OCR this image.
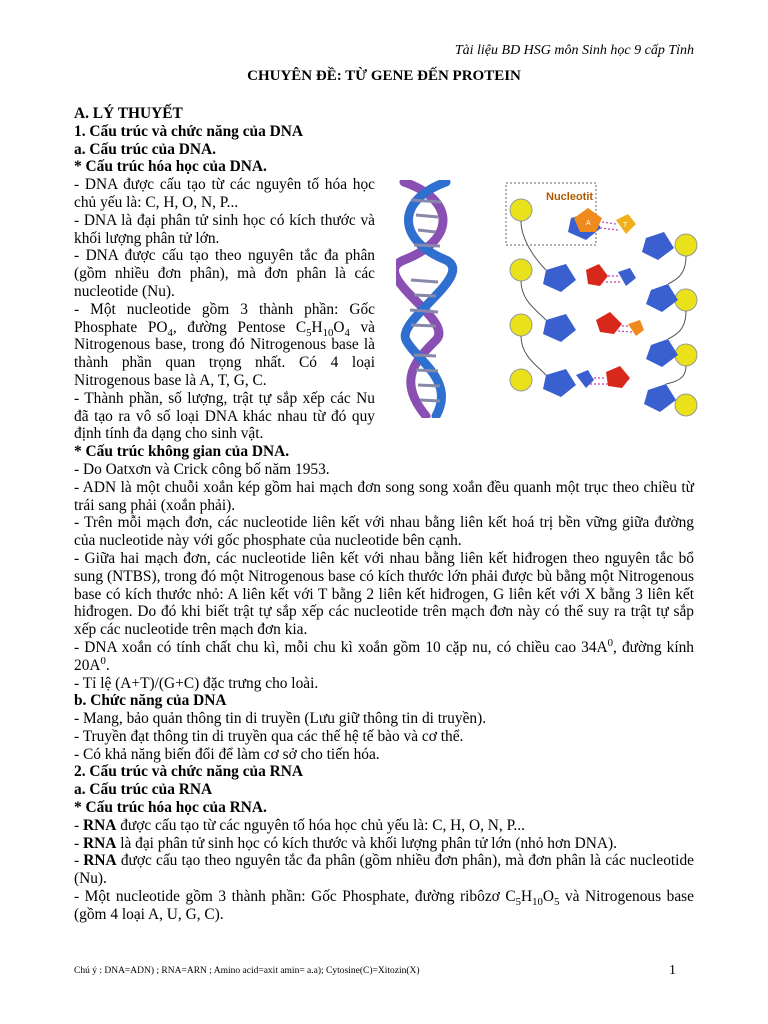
Tài liệu BD HSG môn Sinh học 9 cấp Tỉnh
CHUYÊN ĐỀ: TỪ GENE ĐẾN PROTEIN

A. LÝ THUYẾT

1. Cấu trúc và chức năng của DNA

a. Cấu trúc của DNA.

* Cấu trúc hóa học của DNA.

- DNA được cấu tạo từ các nguyên tố hóa học chủ yếu là: C, H, O, N, P...

- DNA là đại phân tử sinh học có kích thước và khối lượng phân tử lớn.

- DNA được cấu tạo theo nguyên tắc đa phân (gồm nhiều đơn phân), mà đơn phân là các nucleotide (Nu).

- Một nucleotide gồm 3 thành phần: Gốc Phosphate $PO_4$, đường Pentose $C_5H_{10}O_4$ và Nitrogenous base, trong đó Nitrogenous base là thành phần quan trọng nhất. Có 4 loại Nitrogenous base là A, T, G, C.

- Thành phần, số lượng, trật tự sắp xếp các Nu đã tạo ra vô số loại DNA khác nhau từ đó quy định tính đa dạng cho sinh vật.

* Cấu trúc không gian của DNA.

- Do Oatxơn và Crick công bố năm 1953.

- ADN là một chuỗi xoắn kép gồm hai mạch đơn song song xoắn đều quanh một trục theo chiều từ trái sang phải (xoắn phải).

- Trên mỗi mạch đơn, các nucleotide liên kết với nhau bằng liên kết hoá trị bền vững giữa đường của nucleotide này với gốc phosphate của nucleotide bên cạnh.

- Giữa hai mạch đơn, các nucleotide liên kết với nhau bằng liên kết hiđrogen theo nguyên tắc bổ sung (NTBS), trong đó một Nitrogenous base có kích thước lớn phải được bù bằng một Nitrogenous base có kích thước nhỏ: A liên kết với T bằng 2 liên kết hiđrogen, G liên kết với X bằng 3 liên kết hiđrogen. Do đó khi biết trật tự sắp xếp các nucleotide trên mạch đơn này có thể suy ra trật tự sắp xếp các nucleotide trên mạch đơn kia.

- DNA xoắn có tính chất chu kì, mỗi chu kì xoắn gồm 10 cặp nu, có chiều cao $34A^0$, đường kính $20A^0$.

- Tỉ lệ (A+T)/(G+C) đặc trưng cho loài.

b. Chức năng của DNA

- Mang, bảo quản thông tin di truyền (Lưu giữ thông tin di truyền).

- Truyền đạt thông tin di truyền qua các thế hệ tế bào và cơ thể.

- Có khả năng biến đổi để làm cơ sở cho tiến hóa.

2. Cấu trúc và chức năng của RNA

a. Cấu trúc của RNA

* Cấu trúc hóa học của RNA.

- RNA được cấu tạo từ các nguyên tố hóa học chủ yếu là: C, H, O, N, P...

- RNA là đại phân tử sinh học có kích thước và khối lượng phân tử lớn (nhỏ hơn DNA).

- RNA được cấu tạo theo nguyên tắc đa phân (gồm nhiều đơn phân), mà đơn phân là các nucleotide (Nu).

- Một nucleotide gồm 3 thành phần: Gốc Phosphate, đường ribôzơ $C_5H_{10}O_5$ và Nitrogenous base (gồm 4 loại A, U, G, C).

Nucleotit
A	T
Chú ý : DNA=ADN) ; RNA=ARN ; Amino acid=axit amin= a.a); Cytosine(C)=Xitozin(X)	1
